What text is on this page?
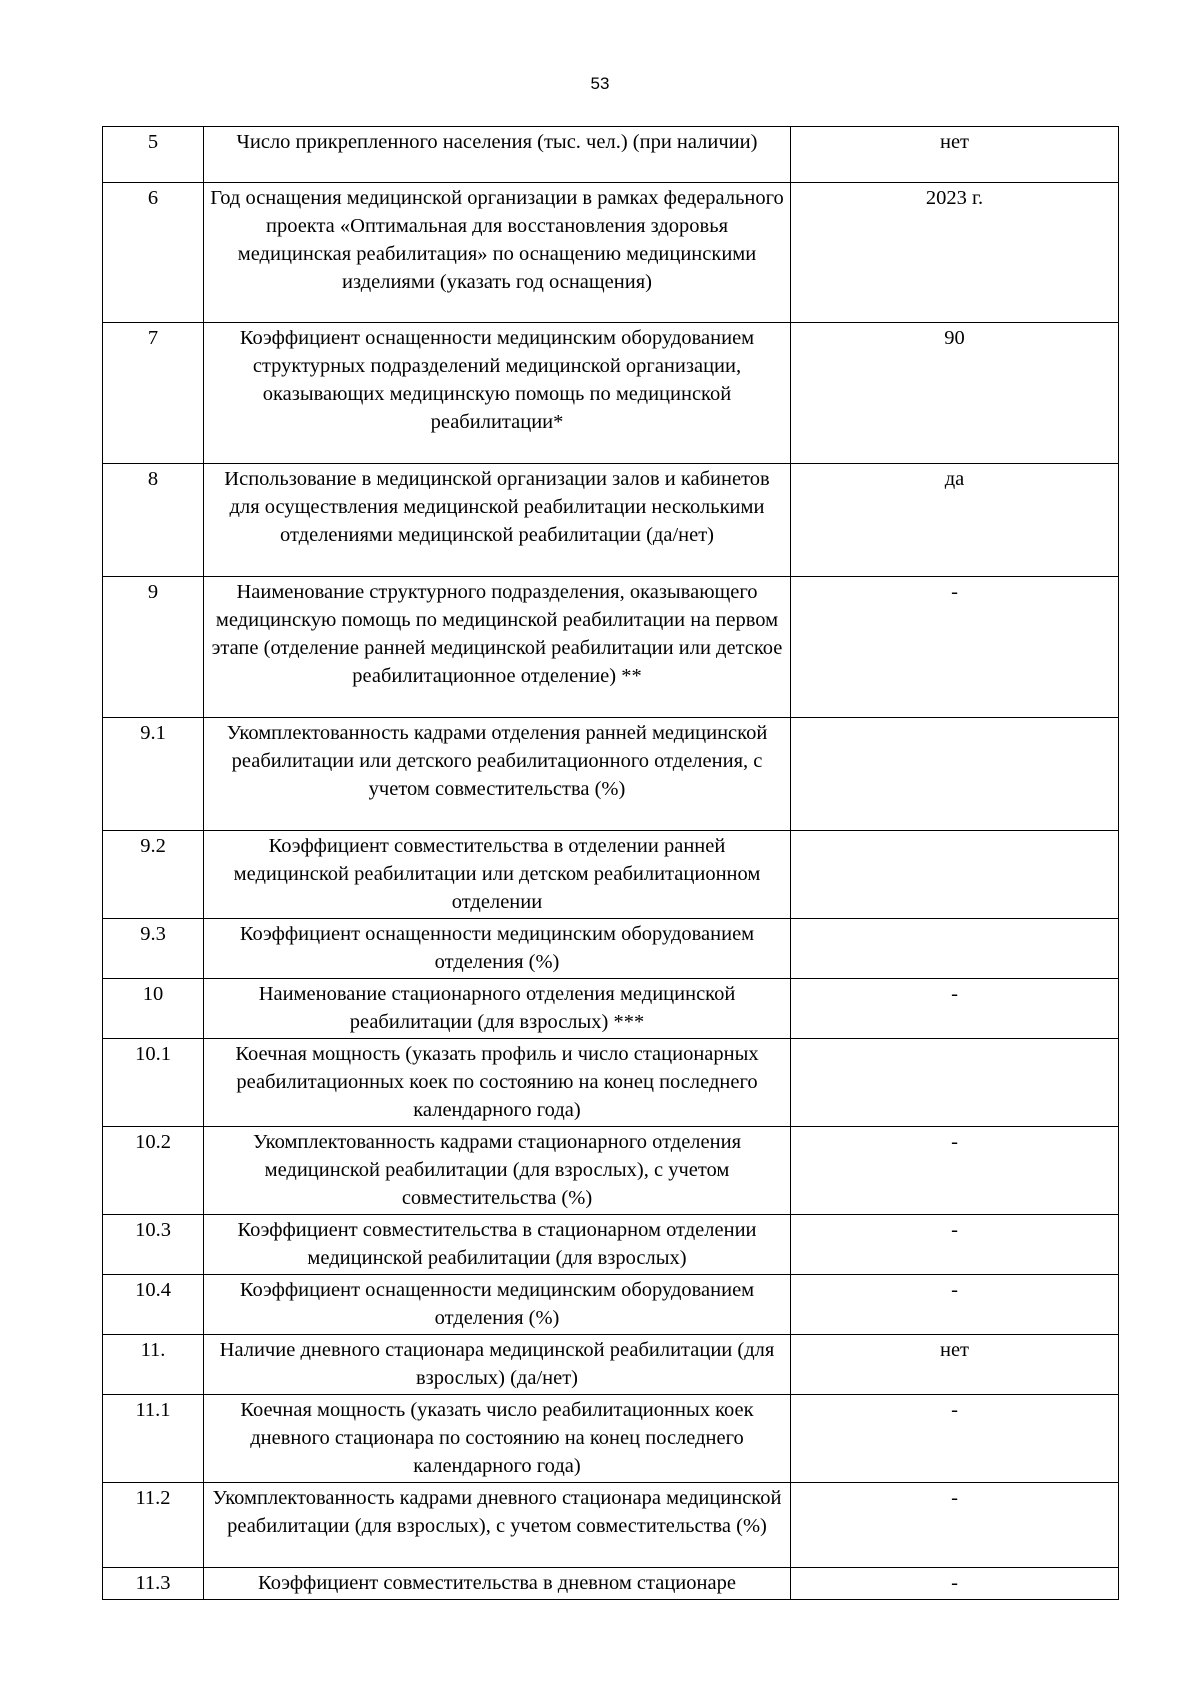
53
5	Число прикрепленного населения (тыс. чел.) (при наличии)	нет
6	Год оснащения медицинской организации в рамках федерального проекта «Оптимальная для восстановления здоровья медицинская реабилитация» по оснащению медицинскими изделиями (указать год оснащения)	2023 г.
7	Коэффициент оснащенности медицинским оборудованием структурных подразделений медицинской организации, оказывающих медицинскую помощь по медицинской реабилитации*	90
8	Использование в медицинской организации залов и кабинетов для осуществления медицинской реабилитации несколькими отделениями медицинской реабилитации (да/нет)	да
9	Наименование структурного подразделения, оказывающего медицинскую помощь по медицинской реабилитации на первом этапе (отделение ранней медицинской реабилитации или детское реабилитационное отделение) **	-
9.1	Укомплектованность кадрами отделения ранней медицинской реабилитации или детского реабилитационного отделения, с учетом совместительства (%)	
9.2	Коэффициент совместительства в отделении ранней медицинской реабилитации или детском реабилитационном отделении	
9.3	Коэффициент оснащенности медицинским оборудованием отделения (%)	
10	Наименование стационарного отделения медицинской реабилитации (для взрослых) ***	-
10.1	Коечная мощность (указать профиль и число стационарных реабилитационных коек по состоянию на конец последнего календарного года)	
10.2	Укомплектованность кадрами стационарного отделения медицинской реабилитации (для взрослых), с учетом совместительства (%)	-
10.3	Коэффициент совместительства в стационарном отделении медицинской реабилитации (для взрослых)	-
10.4	Коэффициент оснащенности медицинским оборудованием отделения (%)	-
11.	Наличие дневного стационара медицинской реабилитации (для взрослых) (да/нет)	нет
11.1	Коечная мощность (указать число реабилитационных коек дневного стационара по состоянию на конец последнего календарного года)	-
11.2	Укомплектованность кадрами дневного стационара медицинской реабилитации (для взрослых), с учетом совместительства (%)	-
11.3	Коэффициент совместительства в дневном стационаре	-
